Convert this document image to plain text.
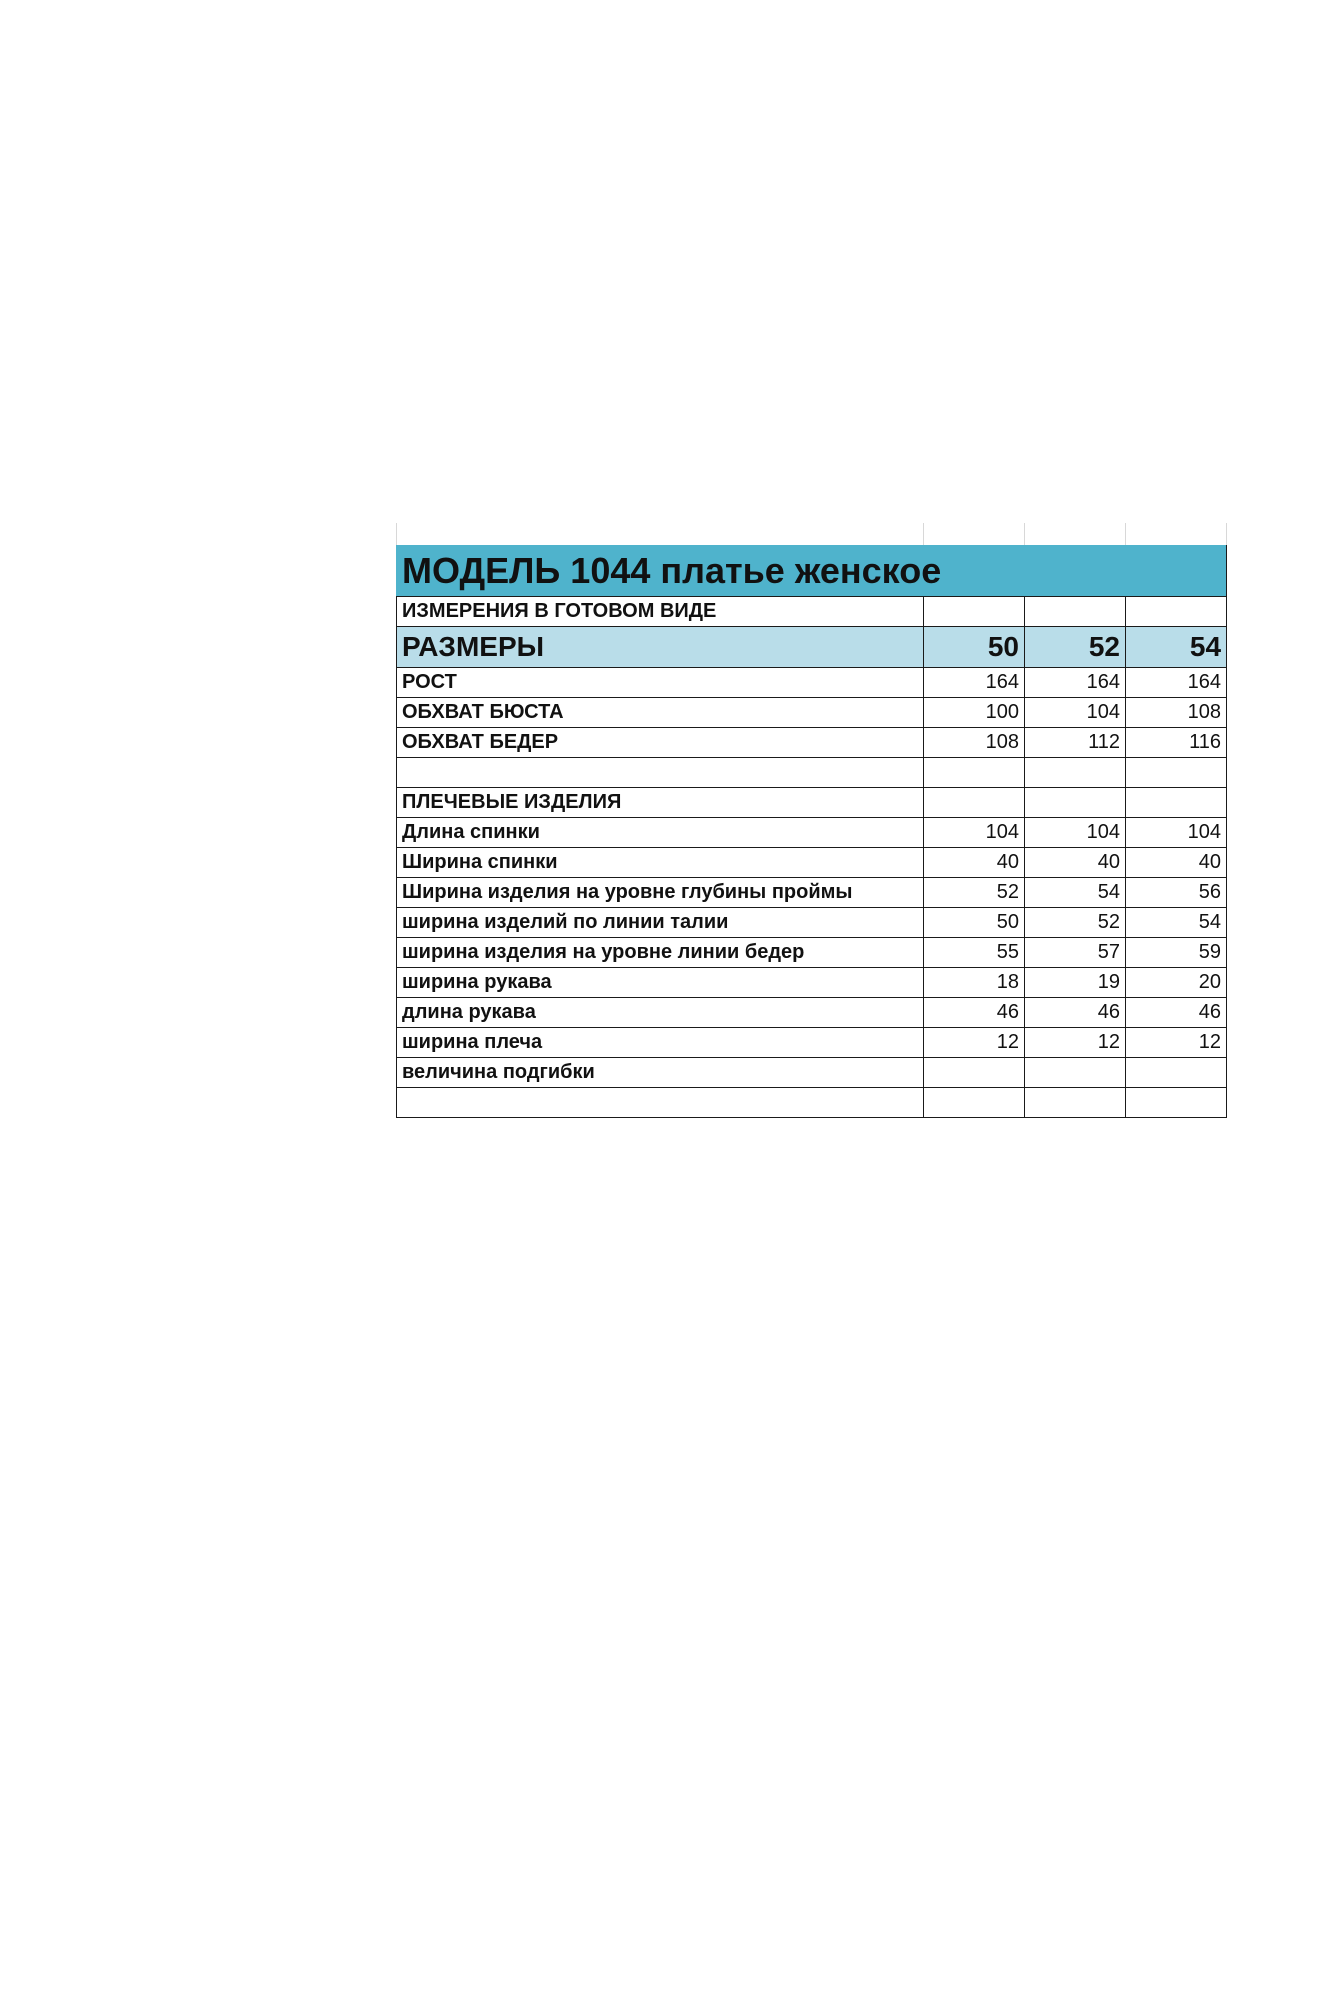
МОДЕЛЬ 1044 платье женское			
ИЗМЕРЕНИЯ В ГОТОВОМ ВИДЕ			
РАЗМЕРЫ	50	52	54
РОСТ	164	164	164
ОБХВАТ БЮСТА	100	104	108
ОБХВАТ БЕДЕР	108	112	116

ПЛЕЧЕВЫЕ ИЗДЕЛИЯ			
Длина спинки	104	104	104
Ширина спинки	40	40	40
Ширина изделия на уровне глубины проймы	52	54	56
ширина изделий по линии талии	50	52	54
ширина изделия на уровне линии бедер	55	57	59
ширина рукава	18	19	20
длина рукава	46	46	46
ширина плеча	12	12	12
величина подгибки			
